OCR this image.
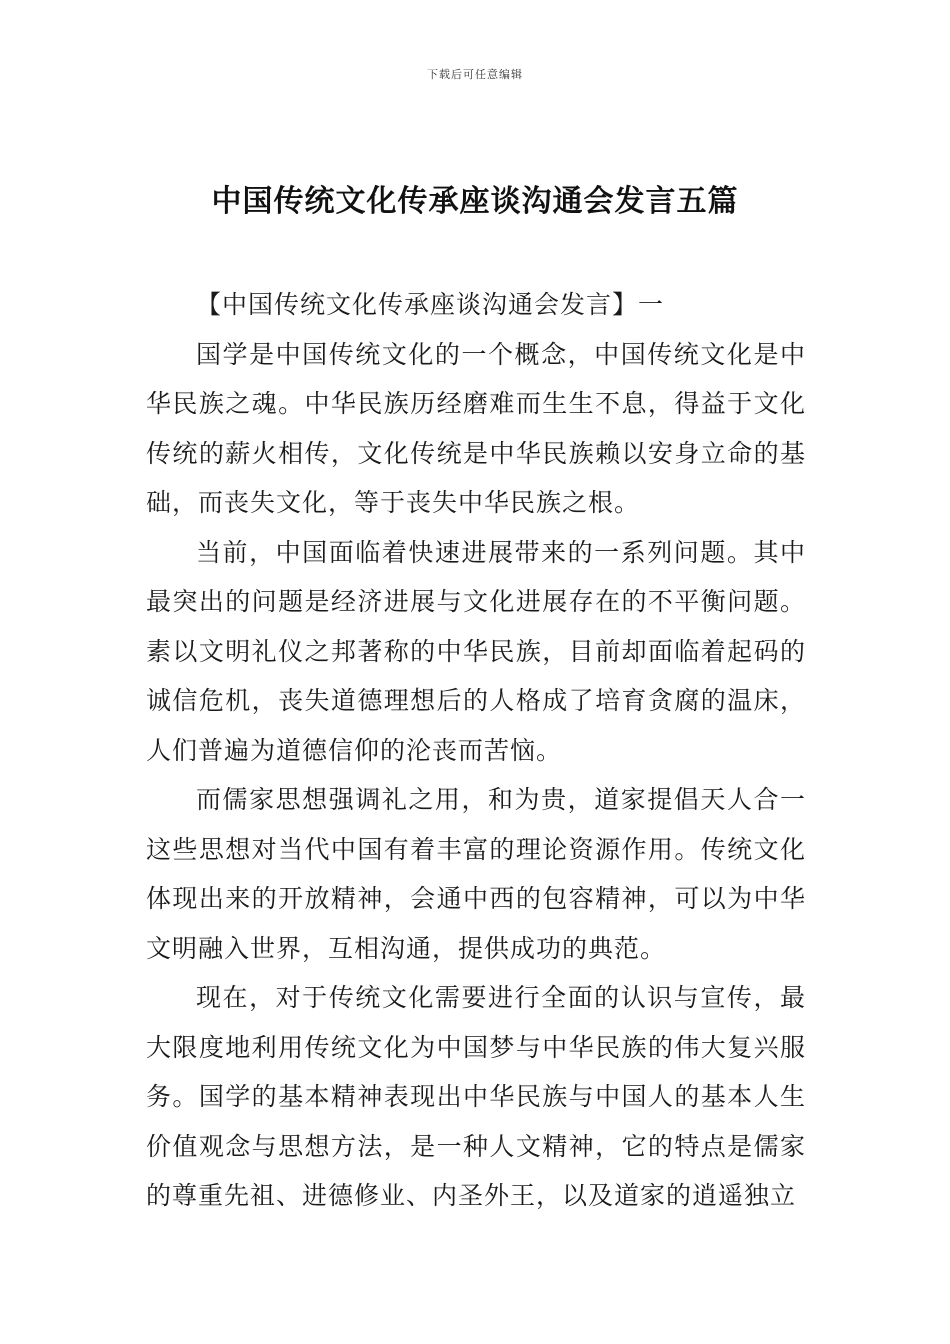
下载后可任意编辑
中国传统文化传承座谈沟通会发言五篇

【中国传统文化传承座谈沟通会发言】一

国学是中国传统文化的一个概念，中国传统文化是中华民族之魂。中华民族历经磨难而生生不息，得益于文化传统的薪火相传，文化传统是中华民族赖以安身立命的基础，而丧失文化，等于丧失中华民族之根。

当前，中国面临着快速进展带来的一系列问题。其中最突出的问题是经济进展与文化进展存在的不平衡问题。素以文明礼仪之邦著称的中华民族，目前却面临着起码的诚信危机，丧失道德理想后的人格成了培育贪腐的温床，人们普遍为道德信仰的沦丧而苦恼。

而儒家思想强调礼之用，和为贵，道家提倡天人合一这些思想对当代中国有着丰富的理论资源作用。传统文化体现出来的开放精神，会通中西的包容精神，可以为中华文明融入世界，互相沟通，提供成功的典范。

现在，对于传统文化需要进行全面的认识与宣传，最大限度地利用传统文化为中国梦与中华民族的伟大复兴服务。国学的基本精神表现出中华民族与中国人的基本人生价值观念与思想方法，是一种人文精神，它的特点是儒家的尊重先祖、进德修业、内圣外王，以及道家的逍遥独立
